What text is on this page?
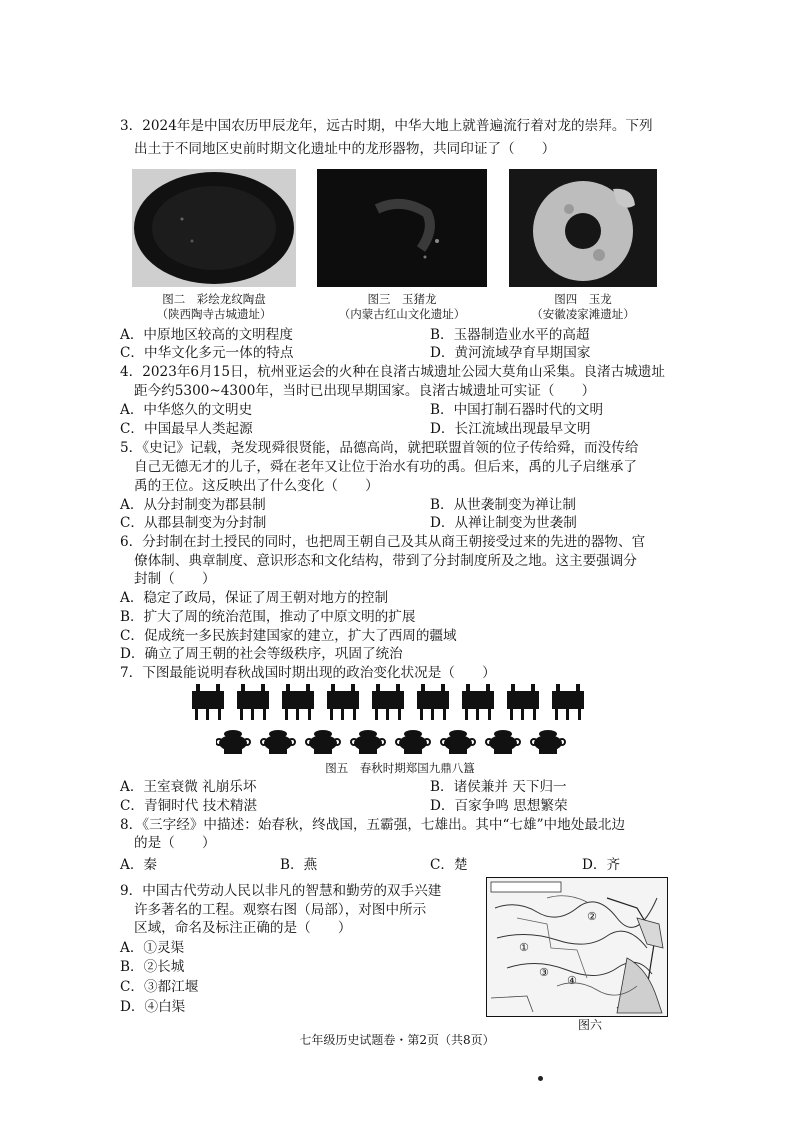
3．2024年是中国农历甲辰龙年，远古时期，中华大地上就普遍流行着对龙的崇拜。下列
出土于不同地区史前时期文化遗址中的龙形器物，共同印证了（　　）
图二　彩绘龙纹陶盘
（陕西陶寺古城遗址）
图三　玉猪龙
（内蒙古红山文化遗址）
图四　玉龙
（安徽凌家滩遗址）
A．中原地区较高的文明程度	B．玉器制造业水平的高超
C．中华文化多元一体的特点	D．黄河流域孕育早期国家
4．2023年6月15日，杭州亚运会的火种在良渚古城遗址公园大莫角山采集。良渚古城遗址
距今约5300~4300年，当时已出现早期国家。良渚古城遗址可实证（　　）
A．中华悠久的文明史	B．中国打制石器时代的文明
C．中国最早人类起源	D．长江流域出现最早文明
5．《史记》记载，尧发现舜很贤能，品德高尚，就把联盟首领的位子传给舜，而没传给
自己无德无才的儿子，舜在老年又让位于治水有功的禹。但后来，禹的儿子启继承了
禹的王位。这反映出了什么变化（　　）
A．从分封制变为郡县制	B．从世袭制变为禅让制
C．从郡县制变为分封制	D．从禅让制变为世袭制
6．分封制在封土授民的同时，也把周王朝自己及其从商王朝接受过来的先进的器物、官
僚体制、典章制度、意识形态和文化结构，带到了分封制度所及之地。这主要强调分
封制（　　）
A．稳定了政局，保证了周王朝对地方的控制
B．扩大了周的统治范围，推动了中原文明的扩展
C．促成统一多民族封建国家的建立，扩大了西周的疆域
D．确立了周王朝的社会等级秩序，巩固了统治
7．下图最能说明春秋战国时期出现的政治变化状况是（　　）
图五　春秋时期郑国九鼎八簋
A．王室衰微 礼崩乐坏	B．诸侯兼并 天下归一
C．青铜时代 技术精湛	D．百家争鸣 思想繁荣
8．《三字经》中描述：始春秋，终战国，五霸强，七雄出。其中“七雄”中地处最北边
的是（　　）
A．秦	B．燕	C．楚	D．齐
9．中国古代劳动人民以非凡的智慧和勤劳的双手兴建
许多著名的工程。观察右图（局部），对图中所示
区域，命名及标注正确的是（　　）
A．①灵渠
B．②长城
C．③都江堰
D．④白渠
①
②
③
④
图六
七年级历史试题卷・第2页（共8页）
